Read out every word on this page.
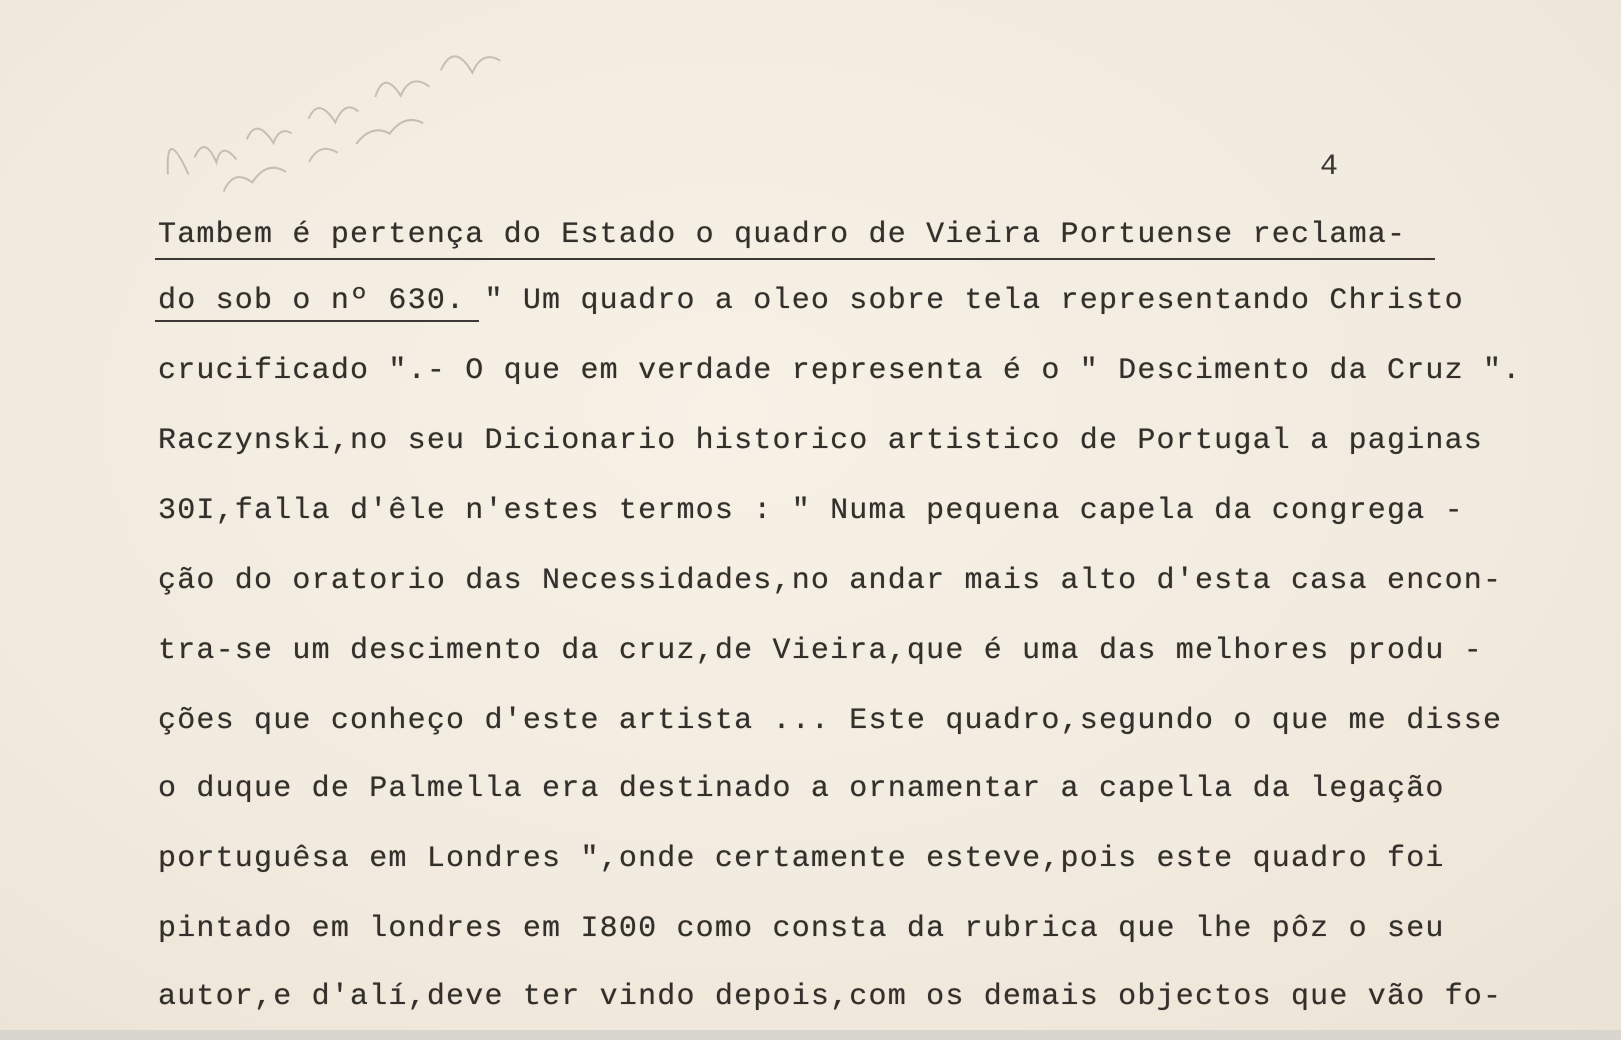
4
Tambem é pertença do Estado o quadro de Vieira Portuense reclama-
do sob o nº 630. " Um quadro a oleo sobre tela representando Christo
crucificado ".- O que em verdade representa é o " Descimento da Cruz ".
Raczynski,no seu Dicionario historico artistico de Portugal a paginas
30I,falla d'êle n'estes termos : " Numa pequena capela da congrega -
ção do oratorio das Necessidades,no andar mais alto d'esta casa encon-
tra-se um descimento da cruz,de Vieira,que é uma das melhores produ -
ções que conheço d'este artista ... Este quadro,segundo o que me disse
o duque de Palmella era destinado a ornamentar a capella da legação
portuguêsa em Londres ",onde certamente esteve,pois este quadro foi
pintado em londres em I800 como consta da rubrica que lhe pôz o seu
autor,e d'alí,deve ter vindo depois,com os demais objectos que vão fo-
